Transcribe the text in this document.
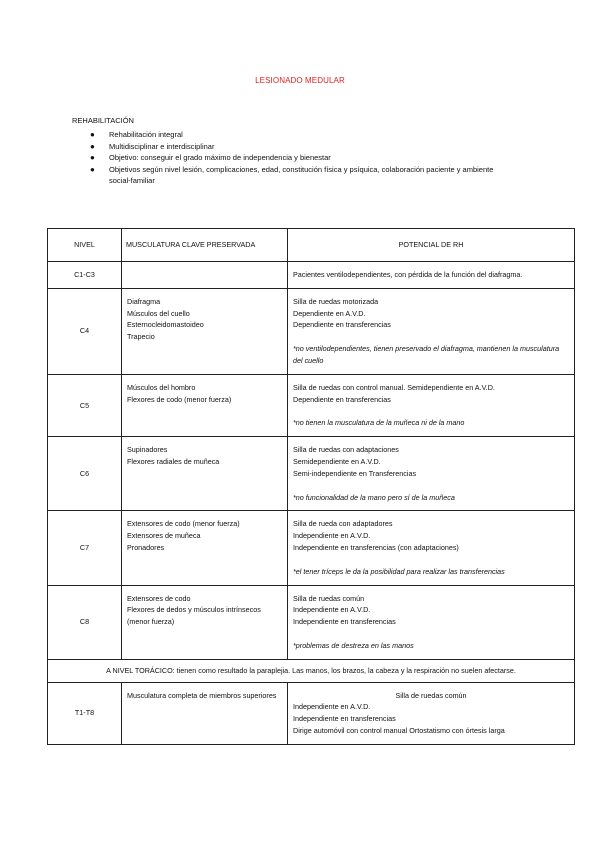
LESIONADO MEDULAR
REHABILITACIÓN
● Rehabilitación integral
● Multidisciplinar e interdisciplinar
● Objetivo: conseguir el grado máximo de independencia y bienestar
● Objetivos según nivel lesión, complicaciones, edad, constitución física y psíquica, colaboración paciente y ambiente social-familiar
NIVEL	MUSCULATURA CLAVE PRESERVADA	POTENCIAL DE RH
C1-C3		Pacientes ventilodependientes, con pérdida de la función del diafragma.

C4	Diafragma
Músculos del cuello
Esternocleidomastoideo
Trapecio	Silla de ruedas motorizada
Dependiente en A.V.D.
Dependiente en transferencias
*no ventilodependientes, tienen preservado el diafragma, mantienen la musculatura del cuello

C5	Músculos del hombro
Flexores de codo (menor fuerza)	Silla de ruedas con control manual. Semidependiente en A.V.D.
Dependiente en transferencias
*no tienen la musculatura de la muñeca ni de la mano

C6	Supinadores
Flexores radiales de muñeca	Silla de ruedas con adaptaciones
Semidependiente en A.V.D.
Semi-independiente en Transferencias
*no funcionalidad de la mano pero sí de la muñeca

C7	Extensores de codo (menor fuerza)
Extensores de muñeca
Pronadores	Silla de rueda con adaptadores
Independiente en A.V.D.
Independiente en transferencias (con adaptaciones)
*el tener tríceps le da la posibilidad para realizar las transferencias

C8	Extensores de codo
Flexores de dedos y músculos intrínsecos (menor fuerza)	Silla de ruedas común
Independiente en A.V.D.
Independiente en transferencias
*problemas de destreza en las manos

A NIVEL TORÁCICO: tienen como resultado la paraplejia. Las manos, los brazos, la cabeza y la respiración no suelen afectarse.		
T1-T8	Musculatura completa de miembros superiores	Silla de ruedas común
Independiente en A.V.D.
Independiente en transferencias
Dirige automóvil con control manual Ortostatismo con órtesis larga
